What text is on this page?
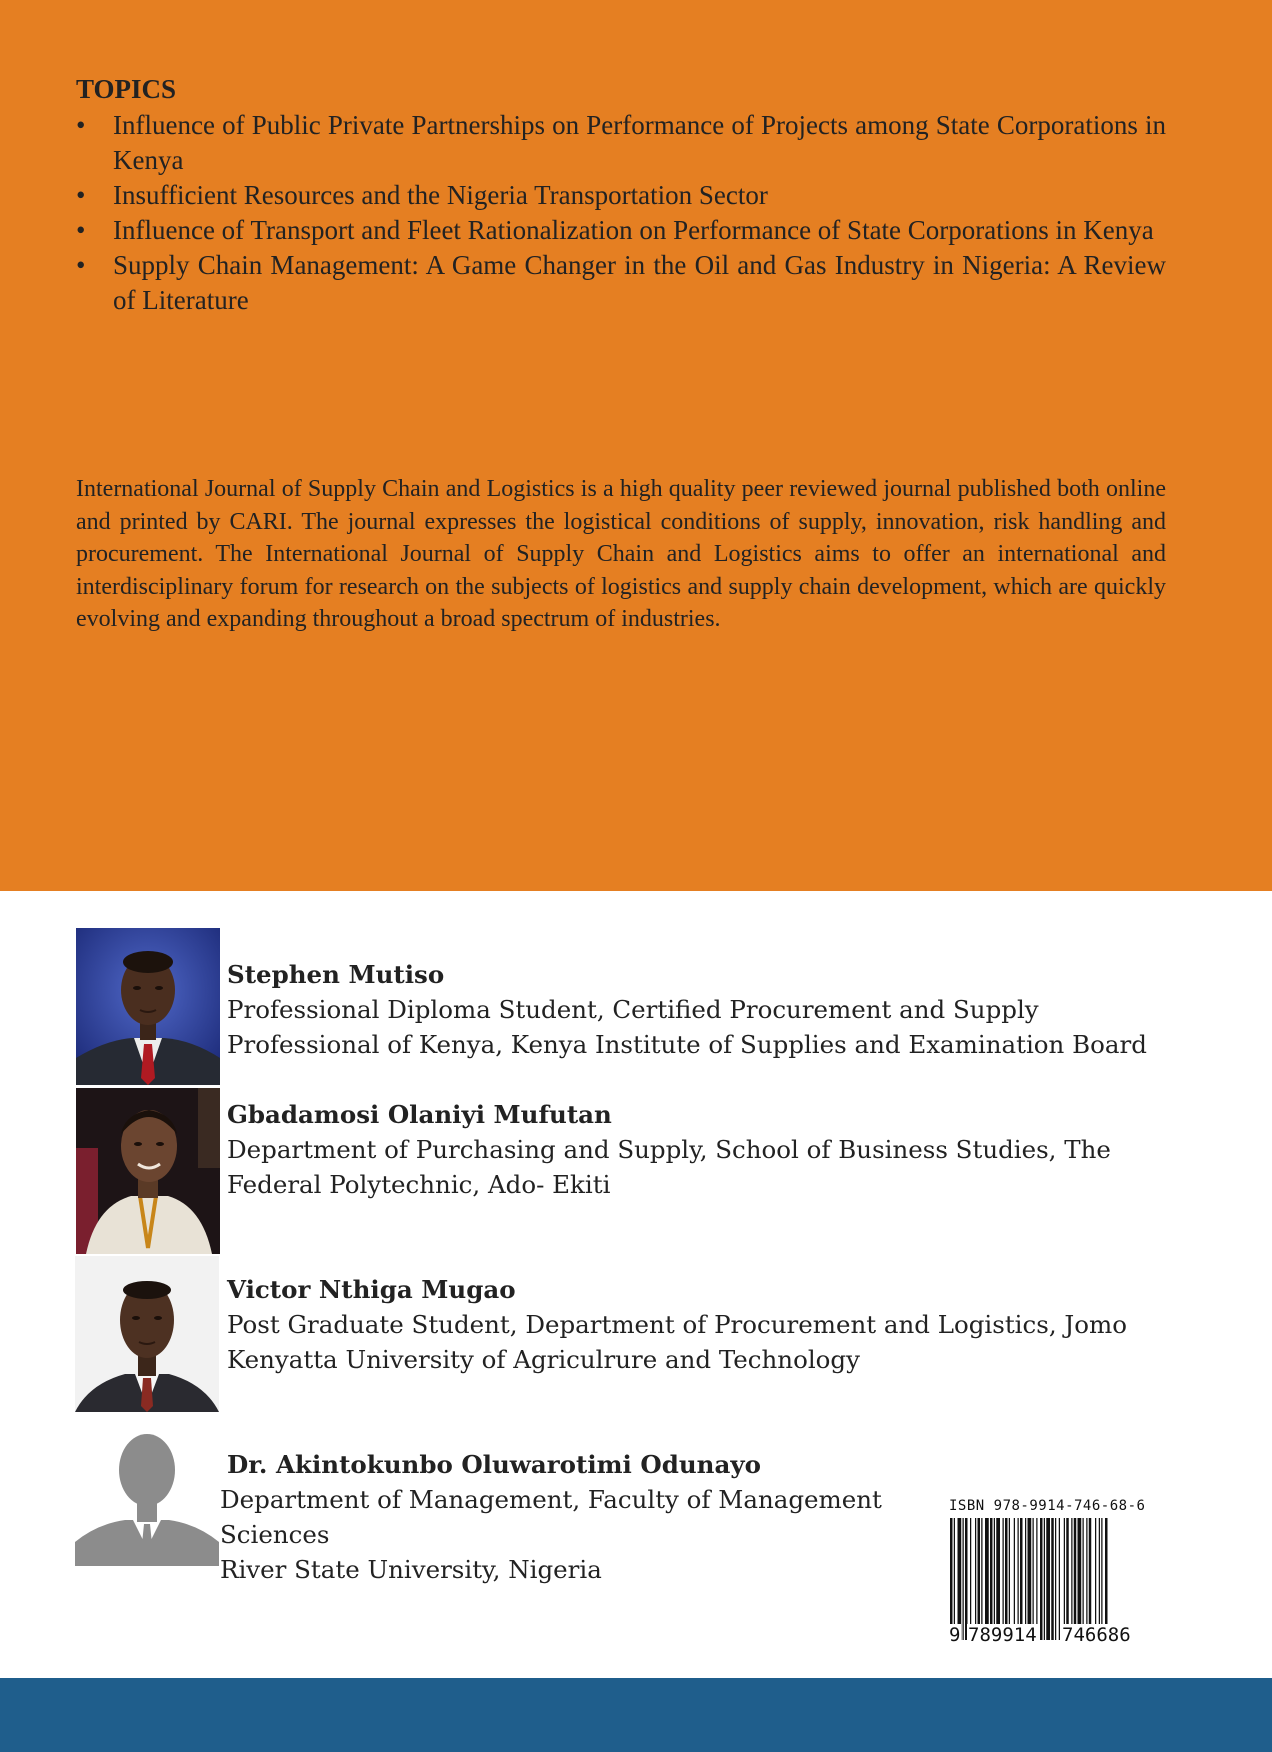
TOPICS
• Influence of Public Private Partnerships on Performance of Projects among State Corporations in Kenya
• Insufficient Resources and the Nigeria Transportation Sector
• Influence of Transport and Fleet Rationalization on Performance of State Corporations in Kenya
• Supply Chain Management: A Game Changer in the Oil and Gas Industry in Nigeria: A Review of Literature
International Journal of Supply Chain and Logistics is a high quality peer reviewed journal published both online and printed by CARI. The journal expresses the logistical conditions of supply, innovation, risk handling and procurement. The International Journal of Supply Chain and Logistics aims to offer an international and interdisciplinary forum for research on the subjects of logistics and supply chain development, which are quickly evolving and expanding throughout a broad spectrum of industries.
Stephen Mutiso
Professional Diploma Student, Certified Procurement and Supply Professional of Kenya, Kenya Institute of Supplies and Examination Board
Gbadamosi Olaniyi Mufutan
Department of Purchasing and Supply, School of Business Studies, The Federal Polytechnic, Ado- Ekiti
Victor Nthiga Mugao
Post Graduate Student, Department of Procurement and Logistics, Jomo Kenyatta University of Agriculrure and Technology
Dr. Akintokunbo Oluwarotimi Odunayo
Department of Management, Faculty of Management Sciences
River State University, Nigeria
ISBN 978-9914-746-68-6
9 789914 746686
